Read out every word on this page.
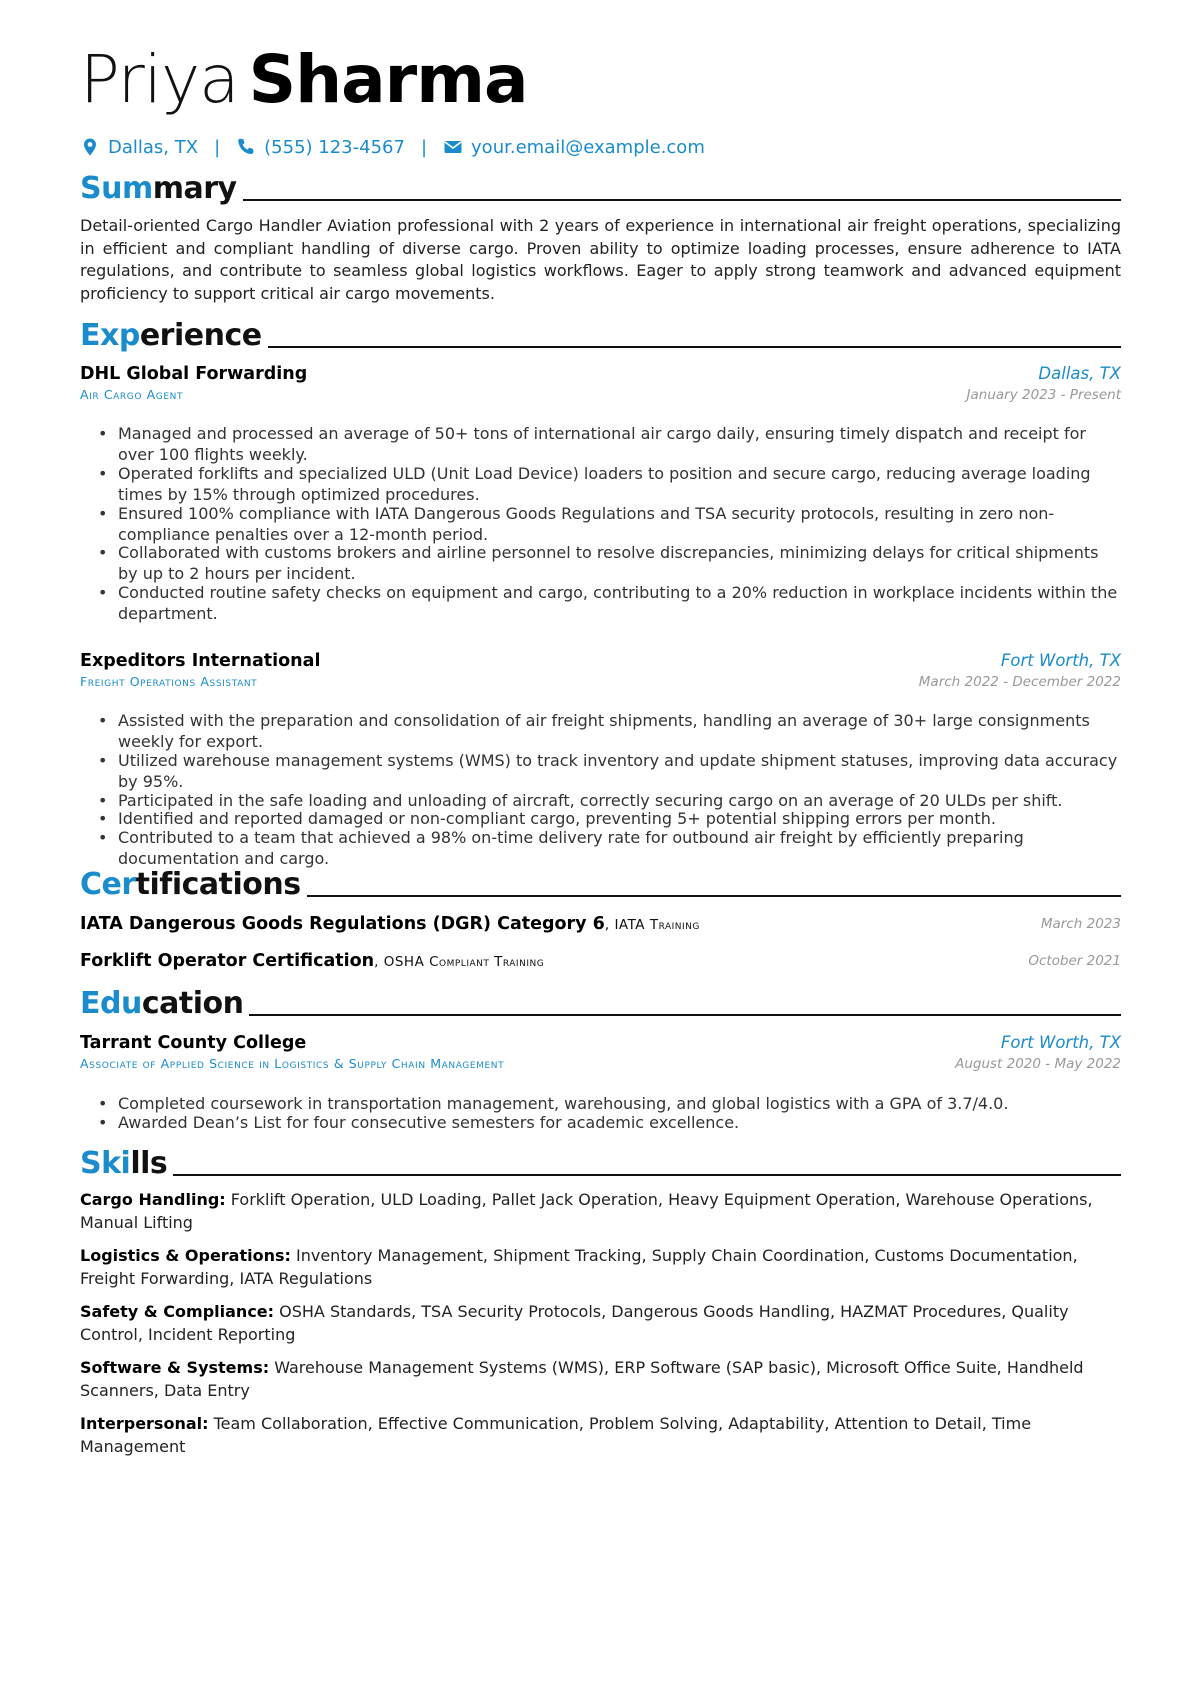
Priya Sharma
Dallas, TX | (555) 123-4567 | your.email@example.com
Summary
Detail-oriented Cargo Handler Aviation professional with 2 years of experience in international air freight operations, specializing in efficient and compliant handling of diverse cargo. Proven ability to optimize loading processes, ensure adherence to IATA regulations, and contribute to seamless global logistics workflows. Eager to apply strong teamwork and advanced equipment proficiency to support critical air cargo movements.
Experience
DHL Global Forwarding	Dallas, TX
Air Cargo Agent	January 2023 - Present
• Managed and processed an average of 50+ tons of international air cargo daily, ensuring timely dispatch and receipt for over 100 flights weekly.
• Operated forklifts and specialized ULD (Unit Load Device) loaders to position and secure cargo, reducing average loading times by 15% through optimized procedures.
• Ensured 100% compliance with IATA Dangerous Goods Regulations and TSA security protocols, resulting in zero non-compliance penalties over a 12-month period.
• Collaborated with customs brokers and airline personnel to resolve discrepancies, minimizing delays for critical shipments by up to 2 hours per incident.
• Conducted routine safety checks on equipment and cargo, contributing to a 20% reduction in workplace incidents within the department.
Expeditors International	Fort Worth, TX
Freight Operations Assistant	March 2022 - December 2022
• Assisted with the preparation and consolidation of air freight shipments, handling an average of 30+ large consignments weekly for export.
• Utilized warehouse management systems (WMS) to track inventory and update shipment statuses, improving data accuracy by 95%.
• Participated in the safe loading and unloading of aircraft, correctly securing cargo on an average of 20 ULDs per shift.
• Identified and reported damaged or non-compliant cargo, preventing 5+ potential shipping errors per month.
• Contributed to a team that achieved a 98% on-time delivery rate for outbound air freight by efficiently preparing documentation and cargo.
Certifications
IATA Dangerous Goods Regulations (DGR) Category 6, IATA Training	March 2023
Forklift Operator Certification, OSHA Compliant Training	October 2021
Education
Tarrant County College	Fort Worth, TX
Associate of Applied Science in Logistics & Supply Chain Management	August 2020 - May 2022
• Completed coursework in transportation management, warehousing, and global logistics with a GPA of 3.7/4.0.
• Awarded Dean’s List for four consecutive semesters for academic excellence.
Skills
Cargo Handling: Forklift Operation, ULD Loading, Pallet Jack Operation, Heavy Equipment Operation, Warehouse Operations, Manual Lifting
Logistics & Operations: Inventory Management, Shipment Tracking, Supply Chain Coordination, Customs Documentation, Freight Forwarding, IATA Regulations
Safety & Compliance: OSHA Standards, TSA Security Protocols, Dangerous Goods Handling, HAZMAT Procedures, Quality Control, Incident Reporting
Software & Systems: Warehouse Management Systems (WMS), ERP Software (SAP basic), Microsoft Office Suite, Handheld Scanners, Data Entry
Interpersonal: Team Collaboration, Effective Communication, Problem Solving, Adaptability, Attention to Detail, Time Management
